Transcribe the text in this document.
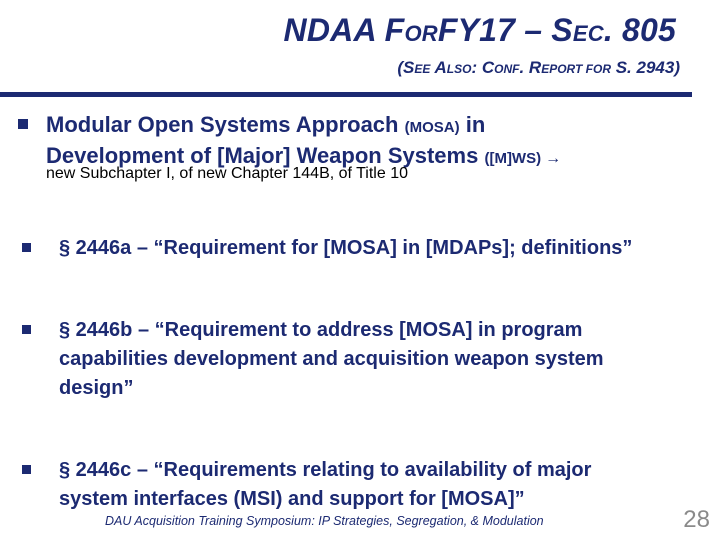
NDAA FORFY17 – SEC. 805
(SEE ALSO: CONF. REPORT FOR S. 2943)
Modular Open Systems Approach (MOSA) in
Development of [Major] Weapon Systems ([M]WS) →
new Subchapter I, of new Chapter 144B, of Title 10
§ 2446a – “Requirement for [MOSA] in [MDAPs]; definitions”
§ 2446b – “Requirement to address [MOSA] in program
capabilities development and acquisition weapon system
design”
§ 2446c – “Requirements relating to availability of major
system interfaces (MSI) and support for [MOSA]”
DAU Acquisition Training Symposium: IP Strategies, Segregation, & Modulation	28
